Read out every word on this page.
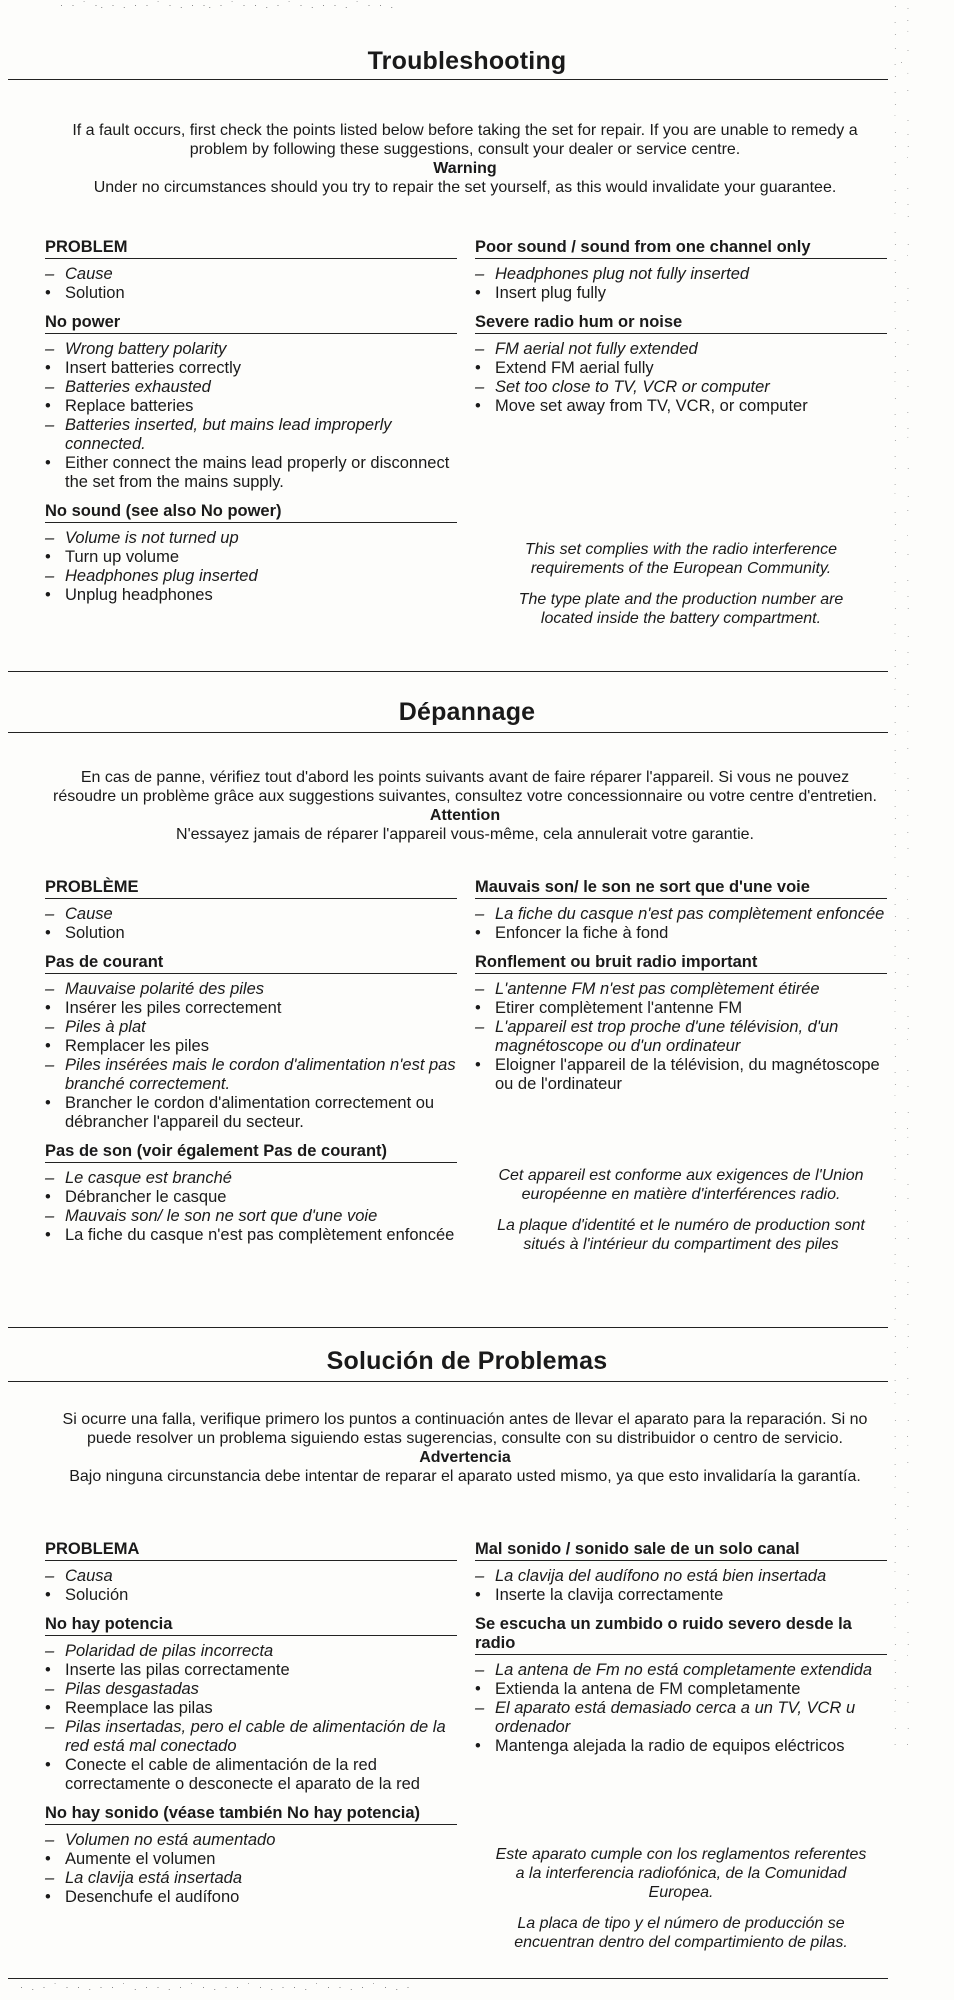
· · ˙ ·. · . · · ˙ · . · ·. · ˙ · · . · ˙ · . · · . ˙ · · .	· .
. ·
· ˙
· .
.·
· ˙
. ·
·
˙ .
· .
· ·
. ˙
·
. ·
· .
˙ ·
.
· ·
. ˙
·
· .
. ·
˙
· .
· .
·
. ·
˙ .
·
. ·
· .
· ˙
.
· ·
.
˙ ·
. ·
·
. ˙
· .
·
. ·
˙ .
· ·
.
˙ ·
· .
. ·
·
˙ .
· ·
.
· ˙
. ·
·
˙ .
· ·
.
· ˙
. ·
· .
˙
· .
·
. ˙
· .
· ·
.
˙ ·
· .
. ·
·
˙ .
· ·
. ˙
·
. ·
· .
˙
· ·
. .
· ˙
. ·
·
˙ .
· .
·
. ˙
· ·
.
˙ ·
· .
. ·
·
˙ .
· ·
. ˙
·
. ·
· .
˙
· ·
. .
· ˙
. ·
·
˙ .
· .
·
. ˙
· ·
.
˙ ·
· .
. ·
·
˙ .
· ·
. ˙
·
. ·
· .
˙
· ·
. .
· . · ˙ · · . · · ˙ . · · . · ˙ · . · · ˙ · . · · . ˙ · · . · ˙ · . ·
Troubleshooting
If a fault occurs, first check the points listed below before taking the set for repair. If you are unable to remedy a problem by following these suggestions, consult your dealer or service centre.
Warning
Under no circumstances should you try to repair the set yourself, as this would invalidate your guarantee.
PROBLEM
– Cause
• Solution
No power
– Wrong battery polarity
• Insert batteries correctly
– Batteries exhausted
• Replace batteries
– Batteries inserted, but mains lead improperly connected.
• Either connect the mains lead properly or disconnect the set from the mains supply.
No sound (see also No power)
– Volume is not turned up
• Turn up volume
– Headphones plug inserted
• Unplug headphones
Poor sound / sound from one channel only
– Headphones plug not fully inserted
• Insert plug fully
Severe radio hum or noise
– FM aerial not fully extended
• Extend FM aerial fully
– Set too close to TV, VCR or computer
• Move set away from TV, VCR, or computer
This set complies with the radio interference requirements of the European Community.
The type plate and the production number are located inside the battery compartment.
Dépannage
En cas de panne, vérifiez tout d'abord les points suivants avant de faire réparer l'appareil. Si vous ne pouvez résoudre un problème grâce aux suggestions suivantes, consultez votre concessionnaire ou votre centre d'entretien.
Attention
N'essayez jamais de réparer l'appareil vous-même, cela annulerait votre garantie.
PROBLÈME
– Cause
• Solution
Pas de courant
– Mauvaise polarité des piles
• Insérer les piles correctement
– Piles à plat
• Remplacer les piles
– Piles insérées mais le cordon d'alimentation n'est pas branché correctement.
• Brancher le cordon d'alimentation correctement ou débrancher l'appareil du secteur.
Pas de son (voir également Pas de courant)
– Le casque est branché
• Débrancher le casque
– Mauvais son/ le son ne sort que d'une voie
• La fiche du casque n'est pas complètement enfoncée
Mauvais son/ le son ne sort que d'une voie
– La fiche du casque n'est pas complètement enfoncée
• Enfoncer la fiche à fond
Ronflement ou bruit radio important
– L'antenne FM n'est pas complètement étirée
• Etirer complètement l'antenne FM
– L'appareil est trop proche d'une télévision, d'un magnétoscope ou d'un ordinateur
• Eloigner l'appareil de la télévision, du magnétoscope ou de l'ordinateur
Cet appareil est conforme aux exigences de l'Union européenne en matière d'interférences radio.
La plaque d'identité et le numéro de production sont situés à l'intérieur du compartiment des piles
Solución de Problemas
Si ocurre una falla, verifique primero los puntos a continuación antes de llevar el aparato para la reparación. Si no puede resolver un problema siguiendo estas sugerencias, consulte con su distribuidor o centro de servicio.
Advertencia
Bajo ninguna circunstancia debe intentar de reparar el aparato usted mismo, ya que esto invalidaría la garantía.
PROBLEMA
– Causa
• Solución
No hay potencia
– Polaridad de pilas incorrecta
• Inserte las pilas correctamente
– Pilas desgastadas
• Reemplace las pilas
– Pilas insertadas, pero el cable de alimentación de la red está mal conectado
• Conecte el cable de alimentación de la red correctamente o desconecte el aparato de la red
No hay sonido (véase también No hay potencia)
– Volumen no está aumentado
• Aumente el volumen
– La clavija está insertada
• Desenchufe el audífono
Mal sonido / sonido sale de un solo canal
– La clavija del audífono no está bien insertada
• Inserte la clavija correctamente
Se escucha un zumbido o ruido severo desde la radio
– La antena de Fm no está completamente extendida
• Extienda la antena de FM completamente
– El aparato está demasiado cerca a un TV, VCR u ordenador
• Mantenga alejada la radio de equipos eléctricos
Este aparato cumple con los reglamentos referentes a la interferencia radiofónica, de la Comunidad Europea.
La placa de tipo y el número de producción se encuentran dentro del compartimiento de pilas.
